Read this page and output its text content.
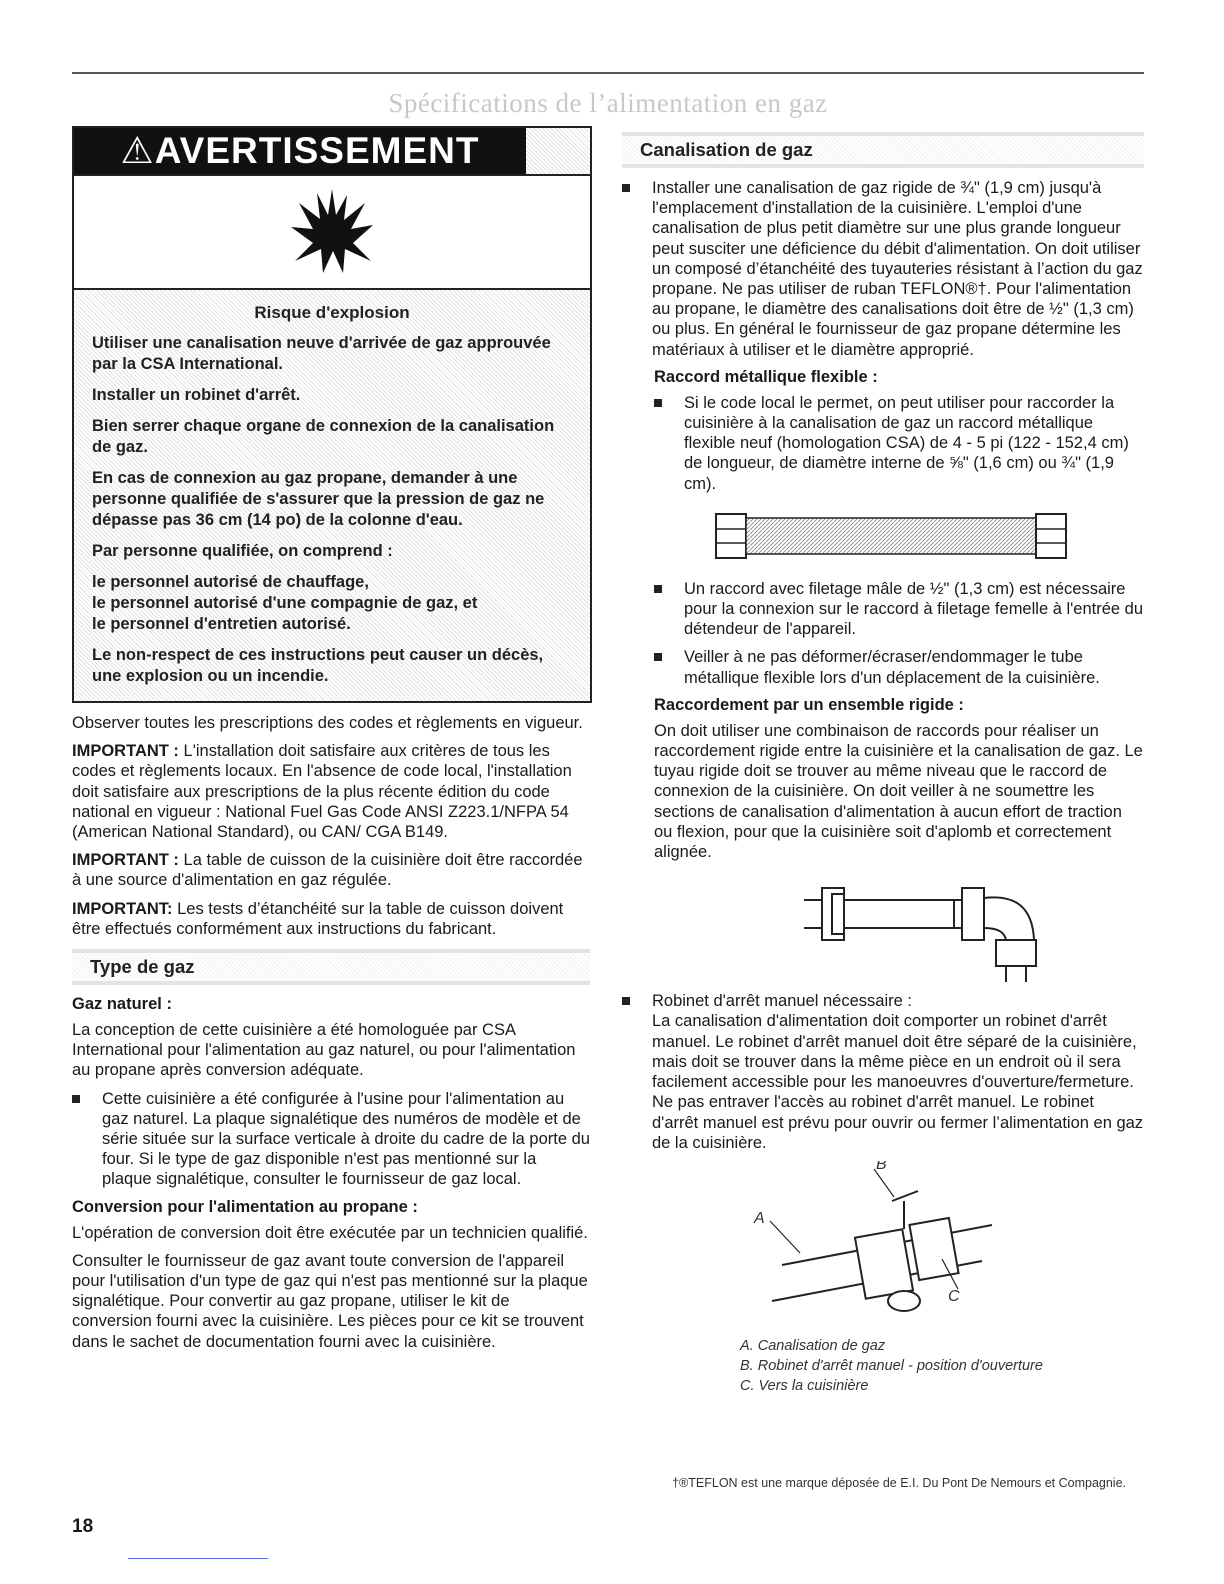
Spécifications de l’alimentation en gaz
⚠AVERTISSEMENT

Risque d'explosion

Utiliser une canalisation neuve d'arrivée de gaz approuvée par la CSA International.

Installer un robinet d'arrêt.

Bien serrer chaque organe de connexion de la canalisation de gaz.

En cas de connexion au gaz propane, demander à une personne qualifiée de s'assurer que la pression de gaz ne dépasse pas 36 cm (14 po) de la colonne d'eau.

Par personne qualifiée, on comprend :

le personnel autorisé de chauffage,

le personnel autorisé d'une compagnie de gaz, et

le personnel d'entretien autorisé.

Le non-respect de ces instructions peut causer un décès, une explosion ou un incendie.

Observer toutes les prescriptions des codes et règlements en vigueur.

IMPORTANT : L'installation doit satisfaire aux critères de tous les codes et règlements locaux. En l'absence de code local, l'installation doit satisfaire aux prescriptions de la plus récente édition du code national en vigueur : National Fuel Gas Code ANSI Z223.1/NFPA 54 (American National Standard), ou CAN/ CGA B149.

IMPORTANT : La table de cuisson de la cuisinière doit être raccordée à une source d'alimentation en gaz régulée.

IMPORTANT: Les tests d’étanchéité sur la table de cuisson doivent être effectués conformément aux instructions du fabricant.

Type de gaz

Gaz naturel :

La conception de cette cuisinière a été homologuée par CSA International pour l'alimentation au gaz naturel, ou pour l'alimentation au propane après conversion adéquate.

Cette cuisinière a été configurée à l'usine pour l'alimentation au gaz naturel. La plaque signalétique des numéros de modèle et de série située sur la surface verticale à droite du cadre de la porte du four. Si le type de gaz disponible n'est pas mentionné sur la plaque signalétique, consulter le fournisseur de gaz local.

Conversion pour l'alimentation au propane :

L'opération de conversion doit être exécutée par un technicien qualifié.

Consulter le fournisseur de gaz avant toute conversion de l'appareil pour l'utilisation d'un type de gaz qui n'est pas mentionné sur la plaque signalétique. Pour convertir au gaz propane, utiliser le kit de conversion fourni avec la cuisinière. Les pièces pour ce kit se trouvent dans le sachet de documentation fourni avec la cuisinière.

Canalisation de gaz
Installer une canalisation de gaz rigide de ¾" (1,9 cm) jusqu'à l'emplacement d'installation de la cuisinière. L'emploi d'une canalisation de plus petit diamètre sur une plus grande longueur peut susciter une déficience du débit d'alimentation. On doit utiliser un composé d’étanchéité des tuyauteries résistant à l’action du gaz propane. Ne pas utiliser de ruban TEFLON®†. Pour l'alimentation au propane, le diamètre des canalisations doit être de ½" (1,3 cm) ou plus. En général le fournisseur de gaz propane détermine les matériaux à utiliser et le diamètre approprié.

Raccord métallique flexible :

Si le code local le permet, on peut utiliser pour raccorder la cuisinière à la canalisation de gaz un raccord métallique flexible neuf (homologation CSA) de 4 - 5 pi (122 - 152,4 cm) de longueur, de diamètre interne de ⅝" (1,6 cm) ou ¾" (1,9 cm).
Un raccord avec filetage mâle de ½" (1,3 cm) est nécessaire pour la connexion sur le raccord à filetage femelle à l'entrée du détendeur de l'appareil.
Veiller à ne pas déformer/écraser/endommager le tube métallique flexible lors d'un déplacement de la cuisinière.

Raccordement par un ensemble rigide :

On doit utiliser une combinaison de raccords pour réaliser un raccordement rigide entre la cuisinière et la canalisation de gaz. Le tuyau rigide doit se trouver au même niveau que le raccord de connexion de la cuisinière. On doit veiller à ne soumettre les sections de canalisation d'alimentation à aucun effort de traction ou flexion, pour que la cuisinière soit d'aplomb et correctement alignée.

Robinet d'arrêt manuel nécessaire :
La canalisation d'alimentation doit comporter un robinet d'arrêt manuel. Le robinet d'arrêt manuel doit être séparé de la cuisinière, mais doit se trouver dans la même pièce en un endroit où il sera facilement accessible pour les manoeuvres d'ouverture/fermeture. Ne pas entraver l'accès au robinet d'arrêt manuel. Le robinet d'arrêt manuel est prévu pour ouvrir ou fermer l’alimentation en gaz de la cuisinière.
A
B
C
A. Canalisation de gaz
B. Robinet d'arrêt manuel - position d'ouverture
C. Vers la cuisinière
†®TEFLON est une marque déposée de E.I. Du Pont De Nemours et Compagnie.
18
